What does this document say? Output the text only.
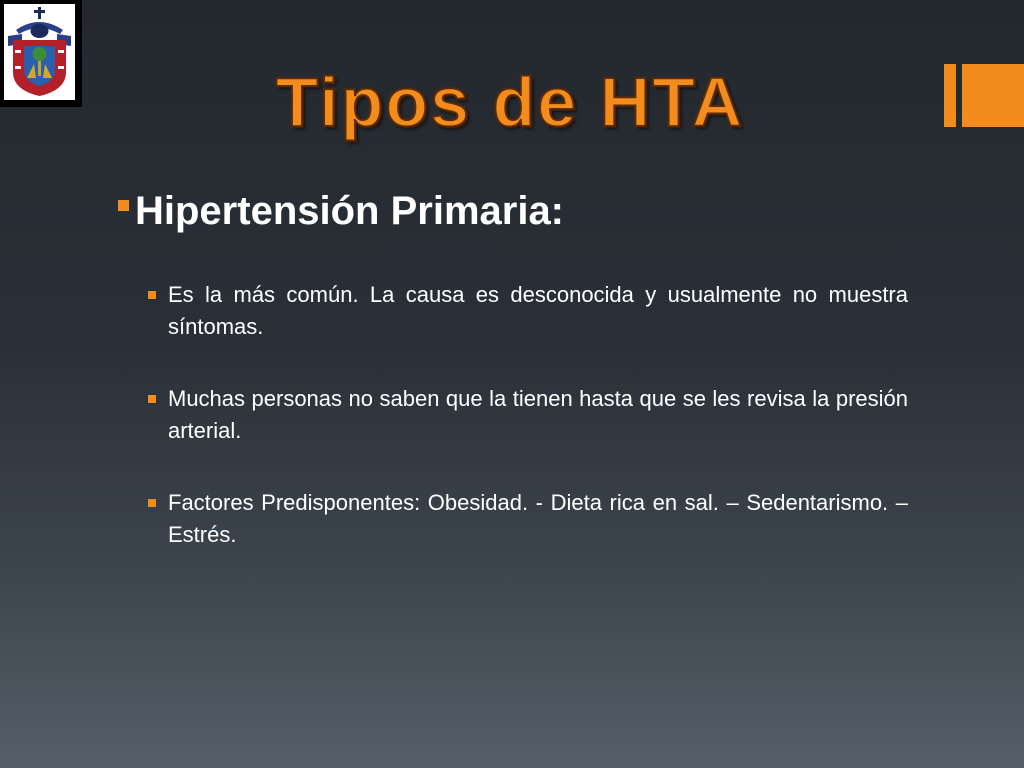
Tipos de HTA
Hipertensión Primaria:
Es la más común. La causa es desconocida y usualmente no muestra síntomas.
Muchas personas no saben que la tienen hasta que se les revisa la presión arterial.
Factores Predisponentes: Obesidad. - Dieta rica en sal. – Sedentarismo. – Estrés.
